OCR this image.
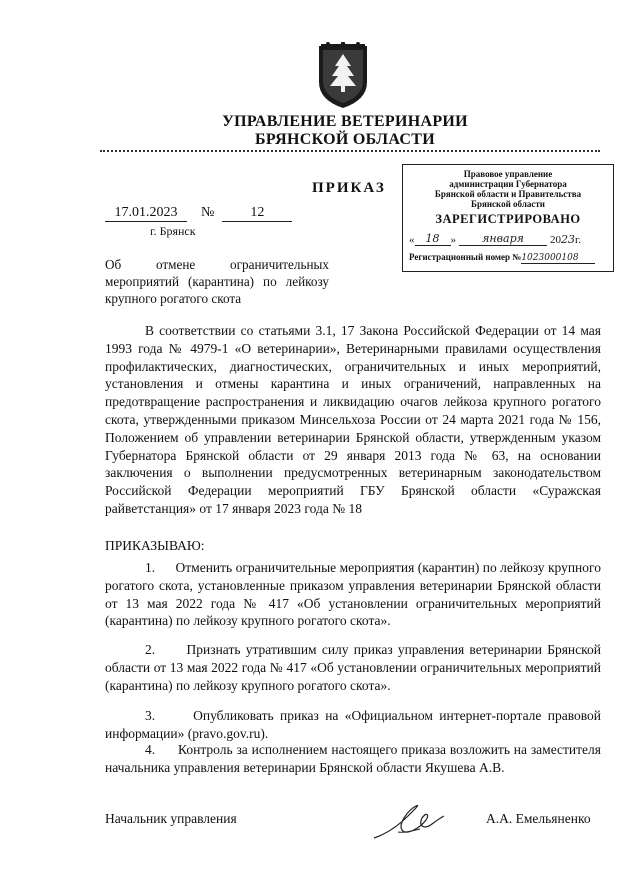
УПРАВЛЕНИЕ ВЕТЕРИНАРИИ
БРЯНСКОЙ ОБЛАСТИ
ПРИКАЗ
17.01.2023 №	12
г. Брянск
Правовое управление
администрации Губернатора
Брянской области и Правительства
Брянской области
ЗАРЕГИСТРИРОВАНО
«	18	»	января	20 23 г.
Регистрационный номер №1023000108
Об отмене ограничительных мероприятий (карантина) по лейкозу крупного рогатого скота
В соответствии со статьями 3.1, 17 Закона Российской Федерации от 14 мая 1993 года № 4979-1 «О ветеринарии», Ветеринарными правилами осуществления профилактических, диагностических, ограничительных и иных мероприятий, установления и отмены карантина и иных ограничений, направленных на предотвращение распространения и ликвидацию очагов лейкоза крупного рогатого скота, утвержденными приказом Минсельхоза России от 24 марта 2021 года № 156, Положением об управлении ветеринарии Брянской области, утвержденным указом Губернатора Брянской области от 29 января 2013 года № 63, на основании заключения о выполнении предусмотренных ветеринарным законодательством Российской Федерации мероприятий ГБУ Брянской области «Суражская райветстанция» от 17 января 2023 года № 18
ПРИКАЗЫВАЮ:
1.      Отменить ограничительные мероприятия (карантин) по лейкозу крупного рогатого скота, установленные приказом управления ветеринарии Брянской области от 13 мая 2022 года № 417 «Об установлении ограничительных мероприятий (карантина) по лейкозу крупного рогатого скота».
2.      Признать утратившим силу приказ управления ветеринарии Брянской области от 13 мая 2022 года № 417 «Об установлении ограничительных мероприятий (карантина) по лейкозу крупного рогатого скота».
3.      Опубликовать приказ на «Официальном интернет-портале правовой информации» (pravo.gov.ru).
4.      Контроль за исполнением настоящего приказа возложить на заместителя начальника управления ветеринарии Брянской области Якушева А.В.
Начальник управления	А.А. Емельяненко
